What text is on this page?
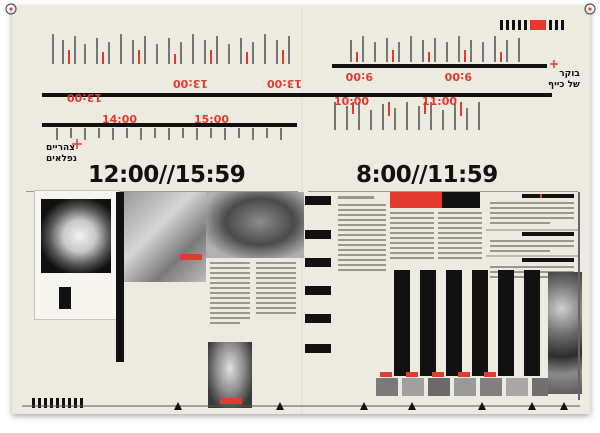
13:00
13:00	13:00
14:00	15:00
9:00	9:00
10:00	11:00
בוקר
של כייף
צהריים
נפלאים
12:00//15:59	8:00//11:59
